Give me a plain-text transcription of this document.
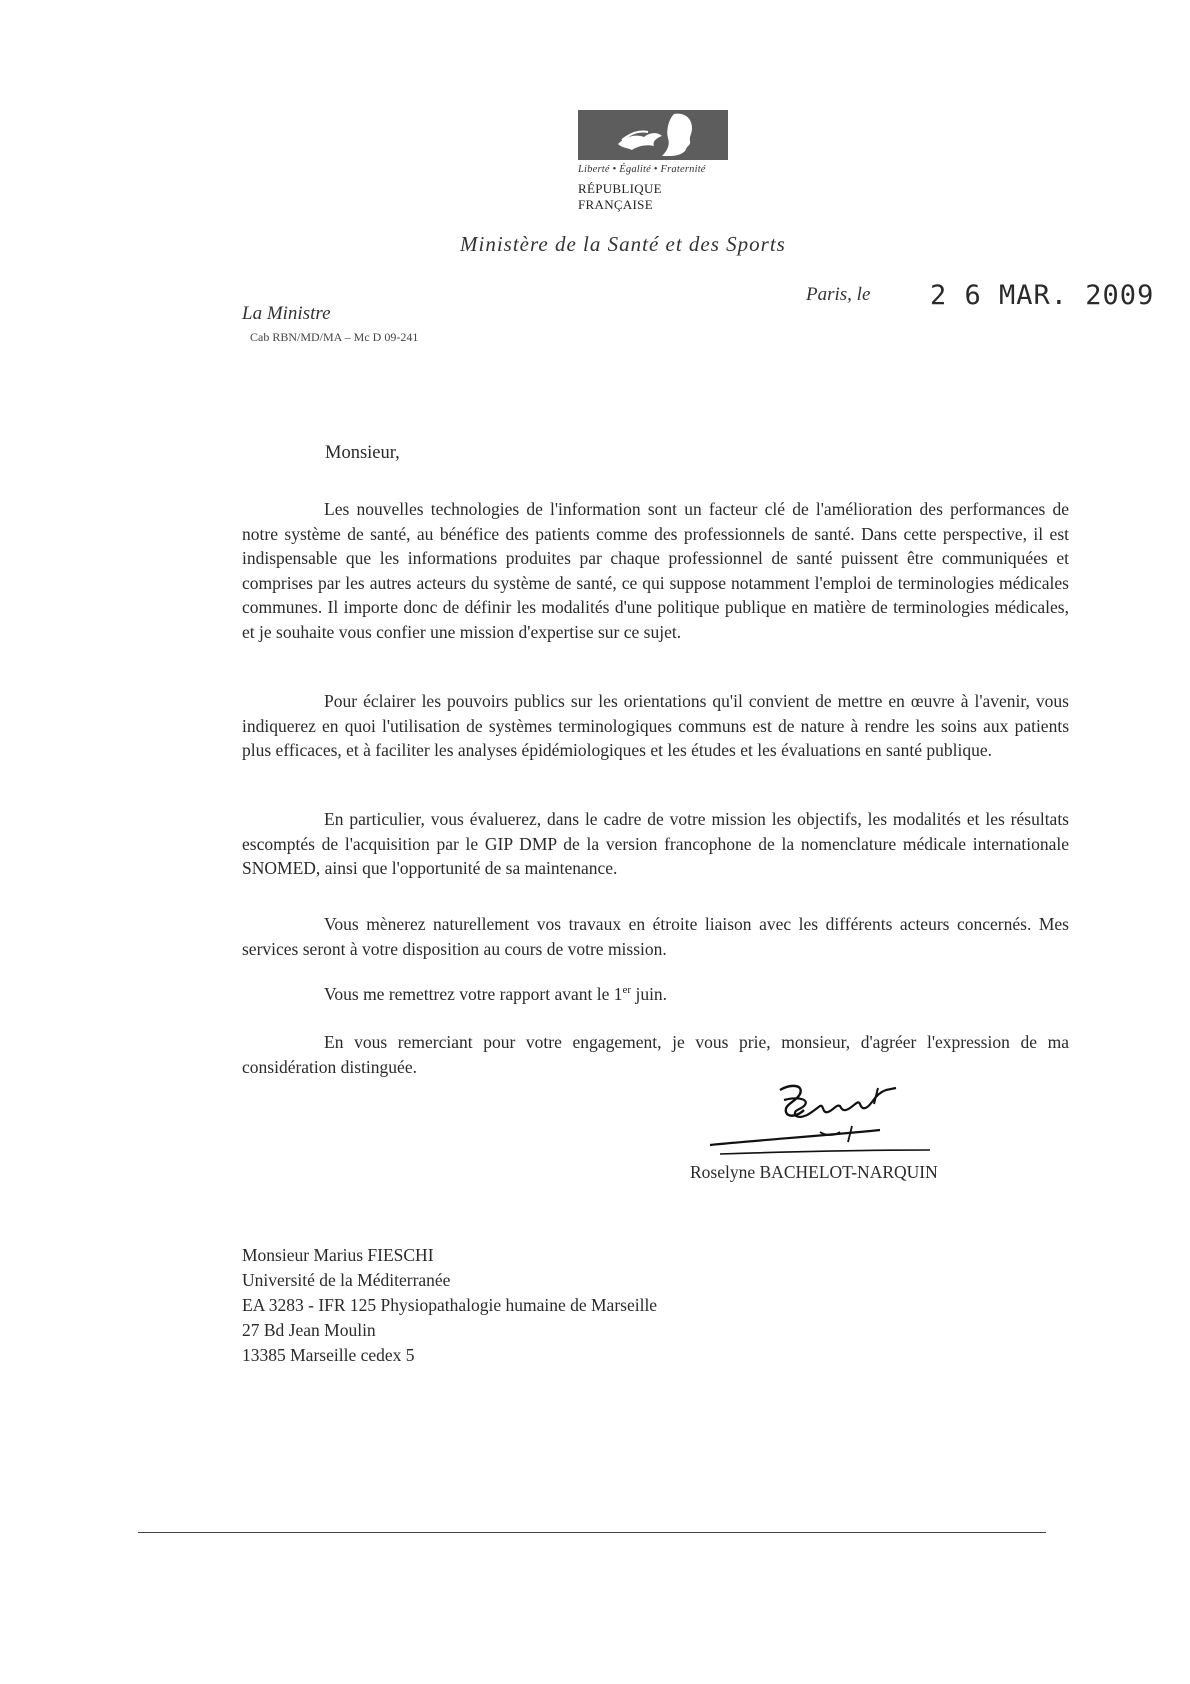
Liberté • Égalité • Fraternité
RÉPUBLIQUE FRANÇAISE
Ministère de la Santé et des Sports
Paris, le 2 6 MAR. 2009
La Ministre
Cab RBN/MD/MA – Mc D 09-241
Monsieur,

Les nouvelles technologies de l'information sont un facteur clé de l'amélioration des performances de notre système de santé, au bénéfice des patients comme des professionnels de santé. Dans cette perspective, il est indispensable que les informations produites par chaque professionnel de santé puissent être communiquées et comprises par les autres acteurs du système de santé, ce qui suppose notamment l'emploi de terminologies médicales communes. Il importe donc de définir les modalités d'une politique publique en matière de terminologies médicales, et je souhaite vous confier une mission d'expertise sur ce sujet.

Pour éclairer les pouvoirs publics sur les orientations qu'il convient de mettre en œuvre à l'avenir, vous indiquerez en quoi l'utilisation de systèmes terminologiques communs est de nature à rendre les soins aux patients plus efficaces, et à faciliter les analyses épidémiologiques et les études et les évaluations en santé publique.

En particulier, vous évaluerez, dans le cadre de votre mission les objectifs, les modalités et les résultats escomptés de l'acquisition par le GIP DMP de la version francophone de la nomenclature médicale internationale SNOMED, ainsi que l'opportunité de sa maintenance.

Vous mènerez naturellement vos travaux en étroite liaison avec les différents acteurs concernés. Mes services seront à votre disposition au cours de votre mission.

Vous me remettrez votre rapport avant le 1er juin.

En vous remerciant pour votre engagement, je vous prie, monsieur, d'agréer l'expression de ma considération distinguée.

Roselyne BACHELOT-NARQUIN
Monsieur Marius FIESCHI
Université de la Méditerranée
EA 3283 - IFR 125 Physiopathalogie humaine de Marseille
27 Bd Jean Moulin
13385 Marseille cedex 5
